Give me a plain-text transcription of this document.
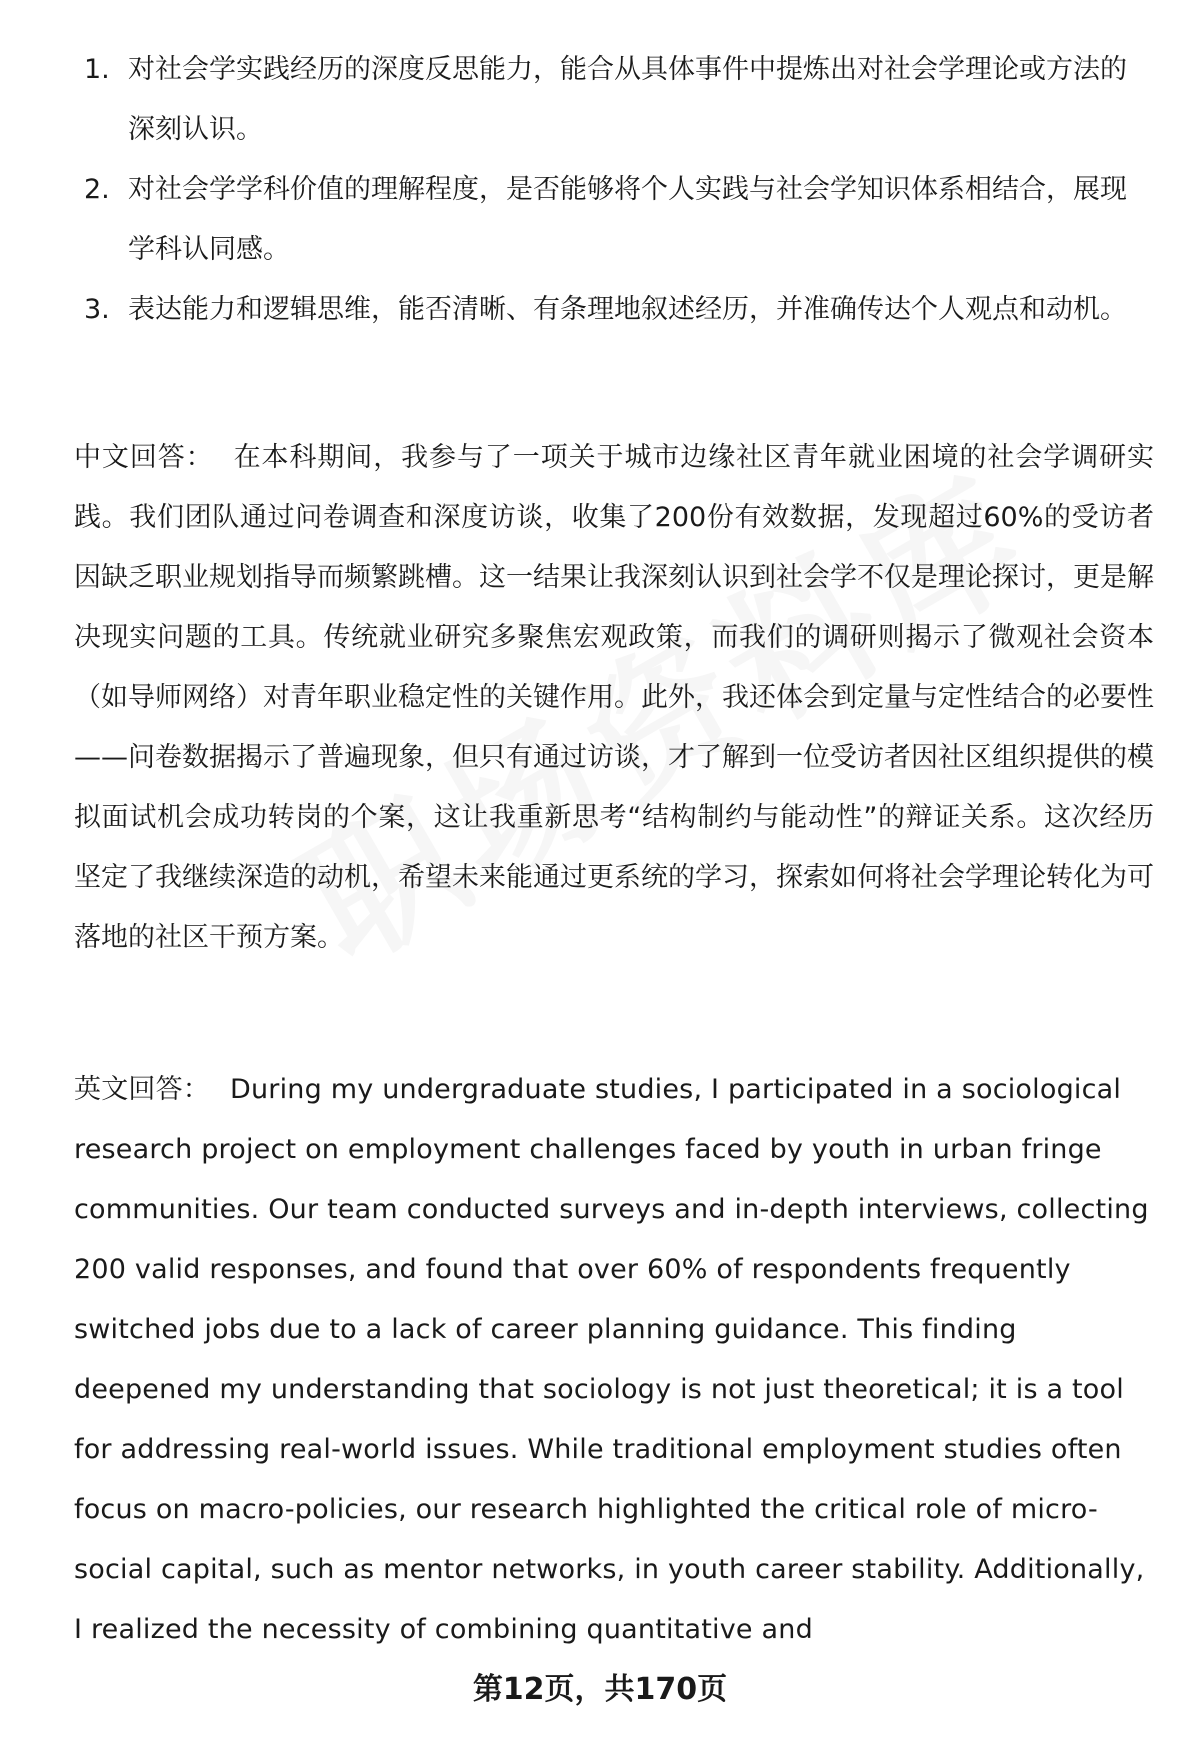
1. 对社会学实践经历的深度反思能力，能合从具体事件中提炼出对社会学理论或方法的深刻认识。
2. 对社会学学科价值的理解程度，是否能够将个人实践与社会学知识体系相结合，展现学科认同感。
3. 表达能力和逻辑思维，能否清晰、有条理地叙述经历，并准确传达个人观点和动机。

中文回答： 在本科期间，我参与了一项关于城市边缘社区青年就业困境的社会学调研实践。我们团队通过问卷调查和深度访谈，收集了200份有效数据，发现超过60%的受访者因缺乏职业规划指导而频繁跳槽。这一结果让我深刻认识到社会学不仅是理论探讨，更是解决现实问题的工具。传统就业研究多聚焦宏观政策，而我们的调研则揭示了微观社会资本（如导师网络）对青年职业稳定性的关键作用。此外，我还体会到定量与定性结合的必要性——问卷数据揭示了普遍现象，但只有通过访谈，才了解到一位受访者因社区组织提供的模拟面试机会成功转岗的个案，这让我重新思考“结构制约与能动性”的辩证关系。这次经历坚定了我继续深造的动机，希望未来能通过更系统的学习，探索如何将社会学理论转化为可落地的社区干预方案。

英文回答： During my undergraduate studies, I participated in a sociological research project on employment challenges faced by youth in urban fringe communities. Our team conducted surveys and in-depth interviews, collecting 200 valid responses, and found that over 60% of respondents frequently switched jobs due to a lack of career planning guidance. This finding deepened my understanding that sociology is not just theoretical; it is a tool for addressing real-world issues. While traditional employment studies often focus on macro-policies, our research highlighted the critical role of micro-social capital, such as mentor networks, in youth career stability. Additionally, I realized the necessity of combining quantitative and

第12页，共170页
